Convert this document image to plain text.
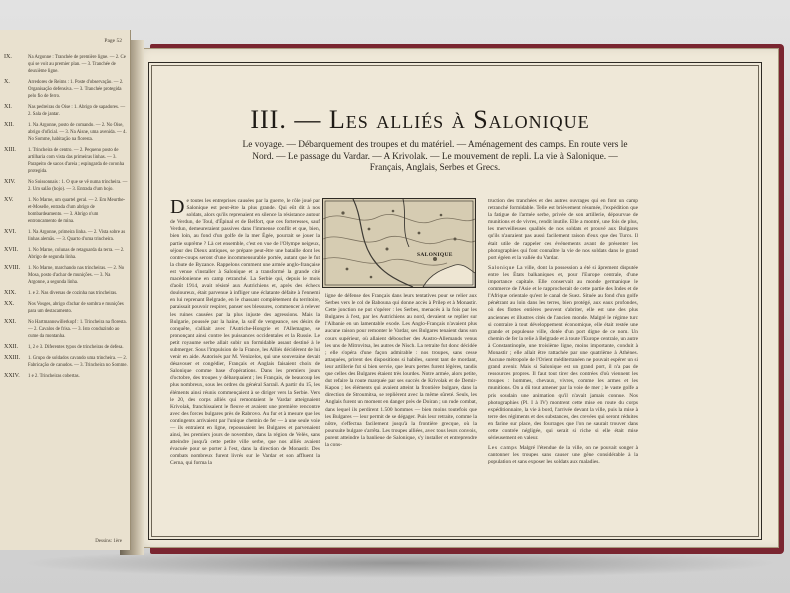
Page 52
IX.	Na Argonne : Tranchée de première ligne. — 2. Ce qui se voit au premier plan. — 3. Tranchée de deuxième ligne.
X.	Arredores de Reims : 1. Poste d'observação. — 2. Organisação defensiva. — 3. Tranchée protegida pelo fio de ferro.
XI.	Nas pedreiras do Oise : 1. Abrigo de sapadores. — 2. Sala de jantar.
XII.	1. Na Argonne, posto de comando. — 2. No Oise, abrigo d'oficial. — 3. Na Aisne, uma avenida. — 4. No Somme, habitação na floresta.
XIII.	1. Trincheira de centro. — 2. Pequeno posto de artilharia com vista das primeiras linhas. — 3. Parapeito de sacos d'areia ; espingarda de coronha protegida.
XIV.	No Soissonnais : 1. O que se vê numa trincheira. — 2. Um salão (bojo). — 3. Entrada d'um bojo.
XV.	1. No Marne, um quartel geral. — 2. Em Meurthe-et-Moselle, entrada d'um abrigo de bombardeamento. — 3. Abrigo n'um entroncamento de mina.
XVI. 1. Na Argonne, primeira linha. — 2. Vista sobre as linhas alemãs. — 3. Quarto d'uma trincheira.
XVII. 1. No Marne, colunas de retaguarda da terra. — 2. Abrigo de segunda linha.
XVIII. 1. No Marne, marchando nas trincheiras. — 2. No Mosa, posto d'achar de munições. — 3. Na Argonne, a segunda linha.
XIX. 1. e 2. Nas diversas de cozinha nas trincheiras.
XX.	Nos Vosges, abrigo d'achar de sombra e munições para um destacamento.
XXI. No Hartmannswillerkopf : 1. Trincheira na floresta. — 2. Cavalos de frisa. — 3. Isto conduzindo ao cume da montanha.
XXII. 1, 2 e 3. Diferentes typos de trincheiras de defesa.
XXIII. 1. Grupo de soldados cavando uma trincheira. — 2. Fabricação de canudos. — 3. Trincheira no Somme.
XXIV. 1 e 2. Trincheiras cobertas.
Dessins: 1ère
III. — Les alliés à Salonique
Le voyage. — Débarquement des troupes et du matériel. — Aménagement des camps. En route vers le Nord. — Le passage du Vardar. — A Krivolak. — Le mouvement de repli. La vie à Salonique. — Français, Anglais, Serbes et Grecs.
De toutes les entreprises causées par la guerre, le rôle joué par Salonique est peut-être la plus grande. Qui eût dit à nos soldats, alors qu'ils reprenaient en silence la résistance autour de Verdun, de Toul, d'Épinal et de Belfort, que ces forteresses, sauf Verdun, demeureraient passives dans l'immense conflit et que, bien, bien loin, au fond d'un golfe de la mer Égée, pourrait se jouer la partie suprême ? Là cet ensemble, c'est en vue de l'Olympe neigeux, séjour des Dieux antiques, se prépare peut-être une bataille dont les contre-coups seront d'une incommensurable portée, autant que le fut la chute de Byzance. Rappelons comment une armée anglo-française est venue s'installer à Salonique et a transformé la grande cité macédonienne en camp retranché. La Serbie qui, depuis le mois d'août 1914, avait résisté aux Autrichiens et, après des échecs douloureux, était parvenue à infliger une éclatante défaite à l'ennemi en lui reprenant Belgrade, en le chassant complètement du territoire, paraissait pouvoir respirer, panser ses blessures, commencer à relever les ruines causées par la plus injuste des agressions. Mais la Bulgarie, poussée par la haine, la soif de vengeance, ses désirs de conquête, s'alliait avec l'Autriche-Hongrie et l'Allemagne, se prononçant ainsi contre les puissances occidentales et la Russie. Le petit royaume serbe allait subir un formidable assaut destiné à le submerger. Sous l'impulsion de la France, les Alliés décidèrent de lui venir en aide. Autorisés par M. Venizelos, qui une souveraine devait désavouer et congédier, Français et Anglais faisaient choix de Salonique comme base d'opérations. Dans les premiers jours d'octobre, des troupes y débarquaient ; les Français, de beaucoup les plus nombreux, sous les ordres du général Sarrail. A partir du 15, les éléments ainsi réunis commençaient à se diriger vers la Serbie. Vers le 20, des corps alliés qui remontaient le Vardar atteignaient Krivolak, franchissaient le fleuve et avaient une première rencontre avec des forces bulgares près de Rabrovo. Au fur et à mesure que les contingents arrivaient par l'unique chemin de fer — à une seule voie — ils entraient en ligne, repoussaient les Bulgares et parvenaient ainsi, les premiers jours de novembre, dans la région de Velès, sans atteindre jusqu'à cette petite ville serbe, que nos alliés avaient évacuée pour se porter à l'est, dans la direction de Monastir. Des combats nombreux furent livrés sur le Vardar et son affluent la Cerna, qui forma la
SALONIQUE

ligne de défense des Français dans leurs tentatives pour se relier aux Serbes vers le col de Babouna qui donne accès à Prilep et à Monastir. Cette jonction ne put s'opérer : les Serbes, menacés à la fois par les Bulgares à l'est, par les Autrichiens au nord, devaient se replier sur l'Albanie en un lamentable exode. Les Anglo-Français n'avaient plus aucune raison pour remonter le Vardar, ses Bulgares tenaient dans son cours supérieur, où allaient déboucher des Austro-Allemands venus les uns de Mitrovitsa, les autres de Nisch. La retraite fut donc décidée ; elle s'opéra d'une façon admirable : nos troupes, sans cesse attaquées, prirent des dispositions si habiles, surent tant de mordant, leur artillerie fut si bien servie, que leurs pertes furent légères, tandis que celles des Bulgares étaient très lourdes. Notre armée, alors petite, dut refaire la route marquée par ses succès de Krivolak et de Demir-Kapou ; les éléments qui avaient atteint la frontière bulgare, dans la direction de Stroumitsa, se replièrent avec la même sûreté. Seuls, les Anglais furent un moment en danger près de Doiran ; un rude combat, dans lequel ils perdirent 1.500 hommes — bien moins toutefois que les Bulgares — leur permit de se dégager. Puis leur retraite, comme la nôtre, s'effectua facilement jusqu'à la frontière grecque, où la poursuite bulgare s'arrêta. Les troupes alliées, avec tous leurs convois, purent atteindre la banlieue de Salonique, s'y installer et entreprendre la cons-

truction des tranchées et des autres ouvrages qui en font un camp retranché formidable. Telle est brièvement résumée, l'expédition que la fatigue de l'armée serbe, privée de son artillerie, dépourvue de munitions et de vivres, rendit inutile. Elle a montré, une fois de plus, les merveilleuses qualités de nos soldats et prouvé aux Bulgares qu'ils n'auraient pas aussi facilement raison d'eux que des Turcs. Il était utile de rappeler ces événements avant de présenter les photographies qui font connaître la vie de nos soldats dans le grand port égéen et la vallée du Vardar.

Salonique La ville, dont la possession a été si âprement disputée entre les États balkaniques et, pour l'Europe centrale, d'une importance capitale. Elle conservait au monde germanique le commerce de l'Asie et le rapprocherait de cette partie des Indes et de l'Afrique orientale qu'est le canal de Suez. Située au fond d'un golfe pénétrant au loin dans les terres, bien protégé, aux eaux profondes, où des flottes entières peuvent s'abriter, elle est une des plus anciennes et illustres cités de l'ancien monde. Malgré le régime turc si contraire à tout développement économique, elle était restée une grande et populeuse ville, dotée d'un port digne de ce nom. Un chemin de fer la relie à Belgrade et à toute l'Europe centrale, un autre à Constantinople, une troisième ligne, moins importante, conduit à Monastir ; elle allait être rattachée par une quatrième à Athènes. Aucune métropole de l'Orient méditerranéen ne pouvait espérer un si grand avenir. Mais si Salonique est un grand port, il n'a pas de ressources propres. Il faut tout tirer des contrées d'où viennent les troupes : hommes, chevaux, vivres, comme les armes et les munitions. On a dû tout amener par la voie de mer ; le vaste golfe a pris soudain une animation qu'il n'avait jamais connue. Nos photographies (Pl. I à IV) montrent cette mise en route du corps expéditionnaire, la vie à bord, l'arrivée devant la ville, puis la mise à terre des régiments et des substances, des crevées qui seront réduites en farine sur place, des fourrages que l'on ne saurait trouver dans cette contrée négligée, qui serait si riche si elle était mise sérieusement en valeur.

Les camps Malgré l'étendue de la ville, on ne pouvait songer à cantonner les troupes sans causer une gêne considérable à la population et sans exposer les soldats aux maladies.
